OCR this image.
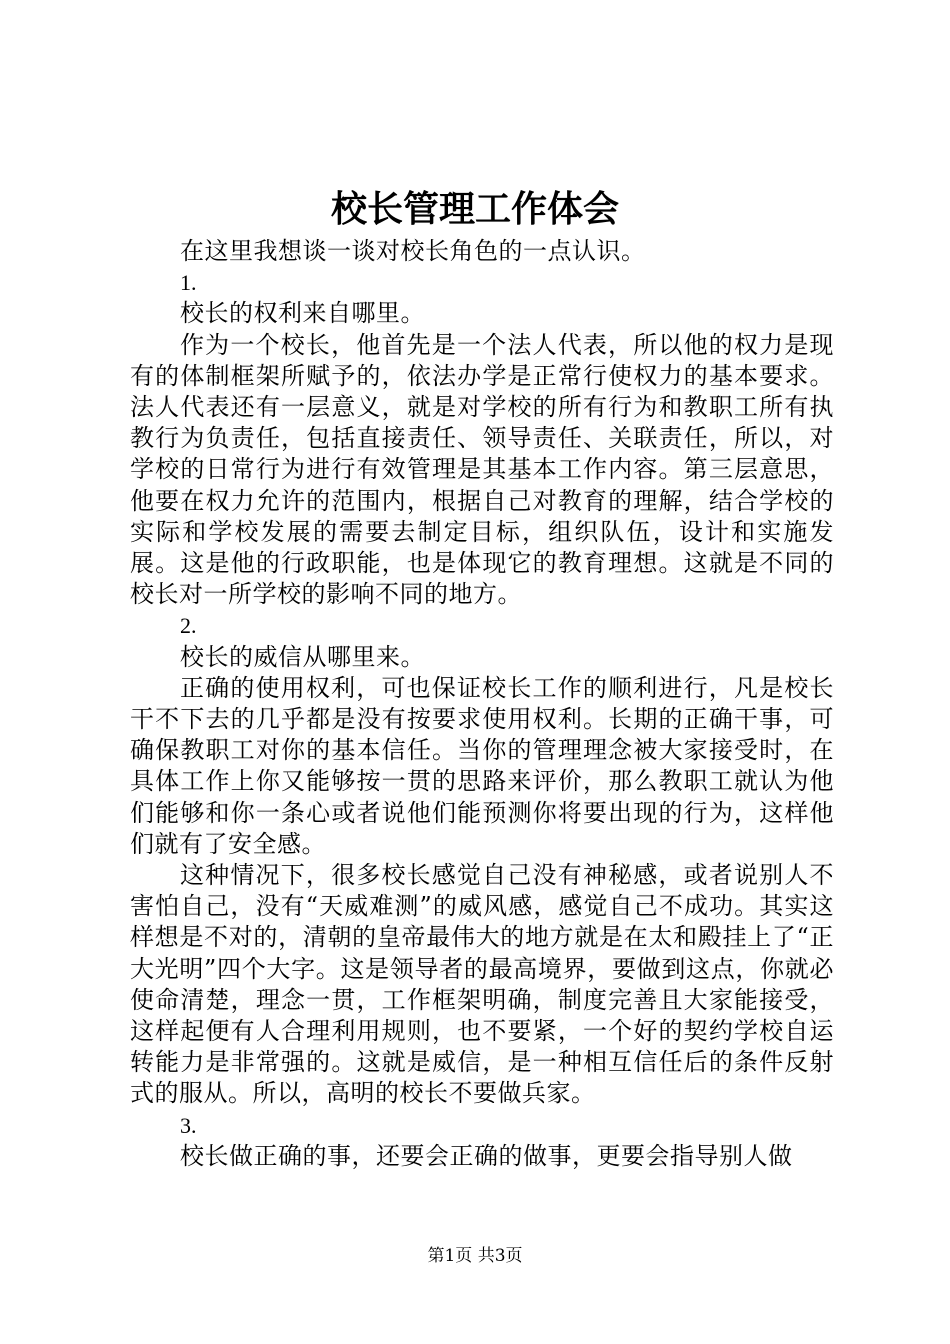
校长管理工作体会

在这里我想谈一谈对校长角色的一点认识。

1.

校长的权利来自哪里。

作为一个校长，他首先是一个法人代表，所以他的权力是现有的体制框架所赋予的，依法办学是正常行使权力的基本要求。法人代表还有一层意义，就是对学校的所有行为和教职工所有执教行为负责任，包括直接责任、领导责任、关联责任，所以，对学校的日常行为进行有效管理是其基本工作内容。第三层意思，他要在权力允许的范围内，根据自己对教育的理解，结合学校的实际和学校发展的需要去制定目标，组织队伍，设计和实施发展。这是他的行政职能，也是体现它的教育理想。这就是不同的校长对一所学校的影响不同的地方。

2.

校长的威信从哪里来。

正确的使用权利，可也保证校长工作的顺利进行，凡是校长干不下去的几乎都是没有按要求使用权利。长期的正确干事，可确保教职工对你的基本信任。当你的管理理念被大家接受时，在具体工作上你又能够按一贯的思路来评价，那么教职工就认为他们能够和你一条心或者说他们能预测你将要出现的行为，这样他们就有了安全感。

这种情况下，很多校长感觉自己没有神秘感，或者说别人不害怕自己，没有“天威难测”的威风感，感觉自己不成功。其实这样想是不对的，清朝的皇帝最伟大的地方就是在太和殿挂上了“正大光明”四个大字。这是领导者的最高境界，要做到这点，你就必使命清楚，理念一贯，工作框架明确，制度完善且大家能接受，这样起便有人合理利用规则，也不要紧，一个好的契约学校自运转能力是非常强的。这就是威信，是一种相互信任后的条件反射式的服从。所以，高明的校长不要做兵家。

3.

校长做正确的事，还要会正确的做事，更要会指导别人做

第1页 共3页
